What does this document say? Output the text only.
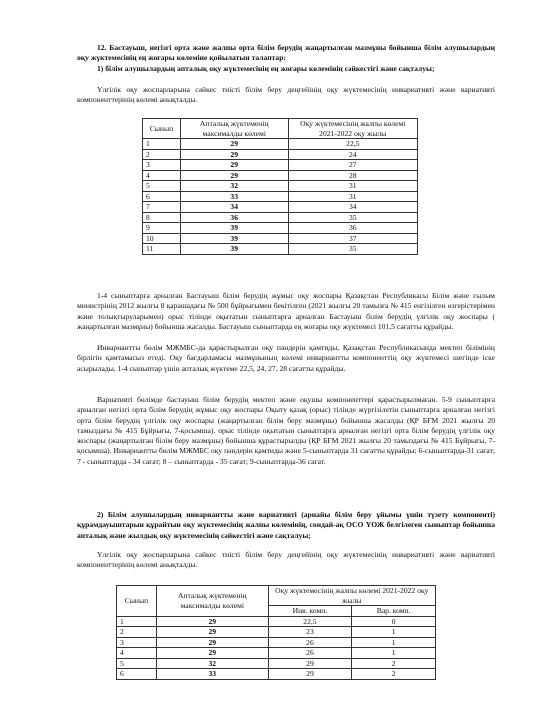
12. Бастауыш, негізгі орта және жалпы орта білім берудің жаңартылған мазмұны бойынша білім алушылардың оқу жүктемесінің ең жоғары көлеміне қойылатын талаптар:

1) білім алушылардың апталық оқу жүктемесінің ең жоғары көлемінің сәйкестігі және сақталуы;

Үлгілік оқу жоспарларына сәйкес тиісті білім беру деңгейінің оқу жүктемесінің инвариативті және вариативті компоненттерінің көлемі анықталды.

Сынып	Апталық жүктеменің максималды көлемі	Оқу жүктемесінің жалпы көлемі 2021-2022 оқу жылы
1	29	22,5
2	29	24
3	29	27
4	29	28
5	32	31
6	33	31
7	34	34
8	36	35
9	39	36
10	39	37
11	39	35

1-4 сыныптарға арналған Бастауыш білім берудің жұмыс оқу жоспары Қазақстан Республикасы Білім және ғылым министрінің 2012 жылғы 8 қарашадағы № 500 бұйрығымен бекітілген (2021 жылғы 20 тамызға № 415 енгізілген өзгерістерімен және толықтыруларымен) орыс тілінде оқытатын сыныптарға арналған Бастауыш білім берудің үлгілік оқу жоспары ( жаңартылған мазмұны) бойынша жасалды. Бастауыш сыныптарда ең жоғары оқу жүктемесі 101,5 сағатты құрайды.

Инвариантты бөлім МЖМБС-да қарастырылған оқу пәндерін қамтиды, Қазақстан Республикасында мектеп білімінің бірлігін қамтамасыз етеді. Оқу бағдарламасы мазмұнының көлемі инвариантты компоненттің оқу жүктемесі шегінде іске асырылады, 1-4 сыныптар үшін апталық жүктеме 22,5, 24, 27, 28 сағатты құрайды.

Вариативті бөлімде бастауыш білім берудің мектеп және оқушы компоненттері қарастырылмаған. 5-9 сыныптарға арналған негізгі орта білім берудің жұмыс оқу жоспары Оқыту қазақ (орыс) тілінде жүргізілетін сыныптарға арналған негізгі орта білім берудің үлгілік оқу жоспары (жаңартылған білім беру мазмұны) бойынша жасалды (ҚР БҒМ 2021 жылғы 20 тамыздағы № 415 Бұйрығы, 7-қосымша). орыс тілінде оқытатын сыныптарға арналған негізгі орта білім берудің үлгілік оқу жоспары (жаңартылған білім беру мазмұны) бойынша құрастырылды (ҚР БҒМ 2021 жылғы 20 тамыздағы № 415 Бұйрығы, 7-қосымша). Инвариантты бөлім МЖМБС оқу пәндерін қамтиды және 5-сыныптарда 31 сағатты құрайды; 6-сыныптарда-31 сағат; 7 - сыныптарда - 34 сағат; 8 – сыныптарда - 35 сағат; 9-сыныптарда-36 сағат.

2) Білім алушылардың инвариантты және вариативті (арнайы білім беру ұйымы үшін түзету компоненті) құрамдауыштарын құрайтын оқу жүктемесінің жалпы көлемінің, сондай-ақ ОСО ҮОЖ белгілеген сыныптар бойынша апталық және жылдық оқу жүктемесінің сәйкестігі және сақталуы;

Үлгілік оқу жоспарларына сәйкес тиісті білім беру деңгейінің оқу жүктемесінің инвариативті және вариативті компоненттерінің көлемі анықталды.

Сынып	Апталық жүктеменің максималды көлемі	Оқу жүктемесінің жалпы көлемі 2021-2022 оқу жылы	
		Инв. комп.	Вар. комп.
1	29	22,5	0
2	29	23	1
3	29	26	1
4	29	26	1
5	32	29	2
6	33	29	2
